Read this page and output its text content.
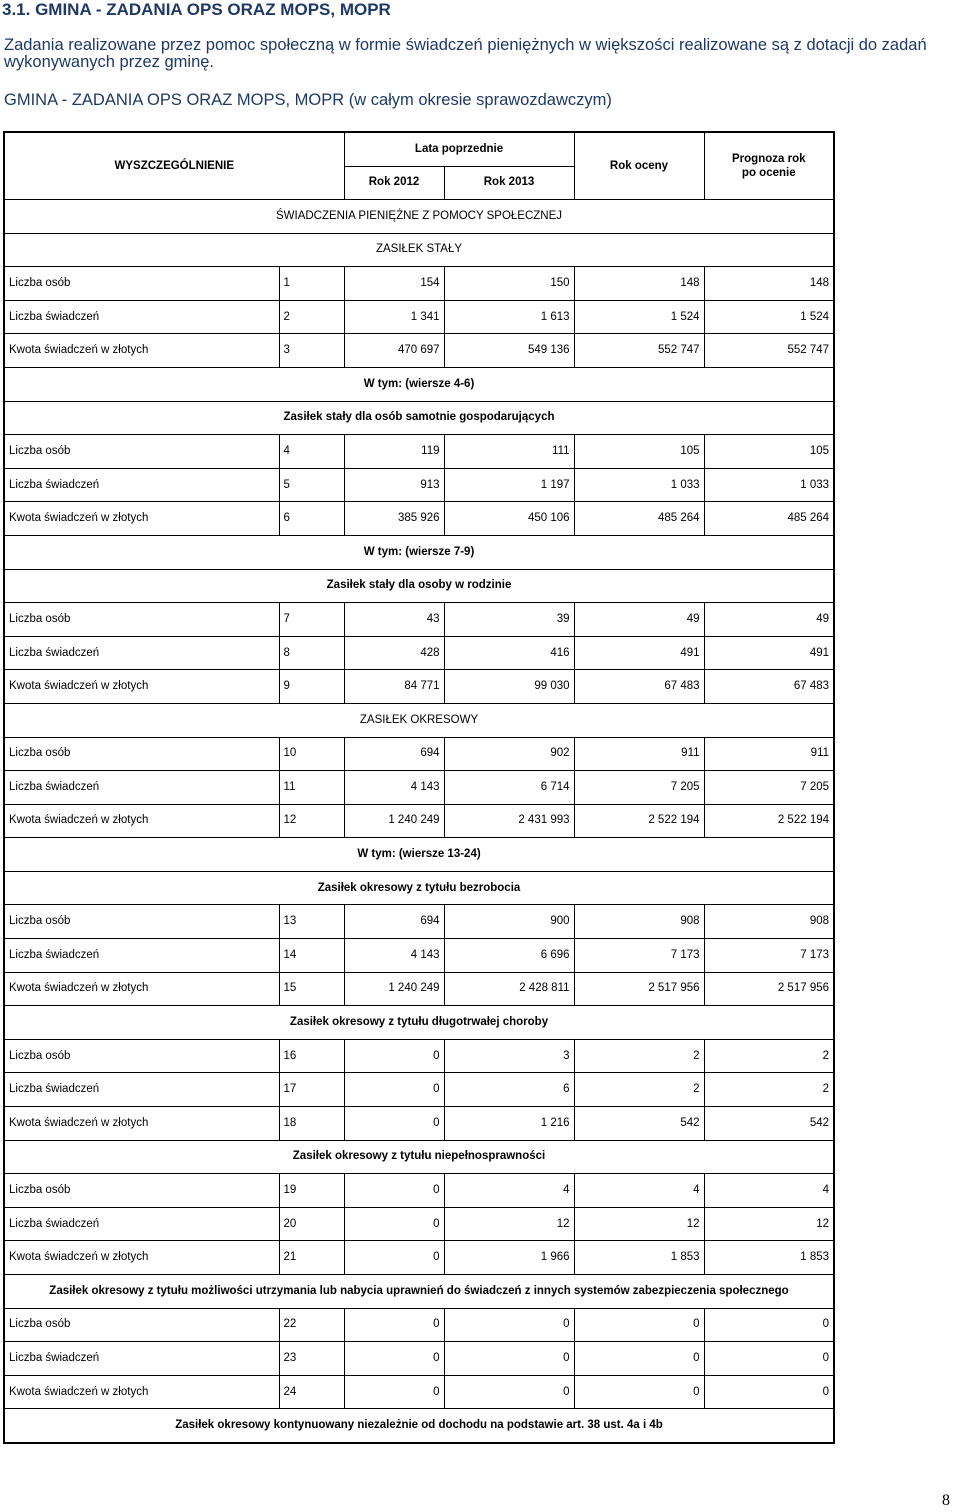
3.1. GMINA - ZADANIA OPS ORAZ MOPS, MOPR
Zadania realizowane przez pomoc społeczną w formie świadczeń pieniężnych w większości realizowane są z dotacji do zadań wykonywanych przez gminę.
GMINA - ZADANIA OPS ORAZ MOPS, MOPR (w całym okresie sprawozdawczym)
WYSZCZEGÓLNIENIE		Lata poprzednie		Rok oceny	Prognoza rok po ocenie
		Rok 2012	Rok 2013		
ŚWIADCZENIA PIENIĘŻNE Z POMOCY SPOŁECZNEJ					
ZASIŁEK STAŁY					
Liczba osób	1	154	150	148	148
Liczba świadczeń	2	1 341	1 613	1 524	1 524
Kwota świadczeń w złotych	3	470 697	549 136	552 747	552 747
W tym: (wiersze 4-6)					
Zasiłek stały dla osób samotnie gospodarujących					
Liczba osób	4	119	111	105	105
Liczba świadczeń	5	913	1 197	1 033	1 033
Kwota świadczeń w złotych	6	385 926	450 106	485 264	485 264
W tym: (wiersze 7-9)					
Zasiłek stały dla osoby w rodzinie					
Liczba osób	7	43	39	49	49
Liczba świadczeń	8	428	416	491	491
Kwota świadczeń w złotych	9	84 771	99 030	67 483	67 483
ZASIŁEK OKRESOWY					
Liczba osób	10	694	902	911	911
Liczba świadczeń	11	4 143	6 714	7 205	7 205
Kwota świadczeń w złotych	12	1 240 249	2 431 993	2 522 194	2 522 194
W tym: (wiersze 13-24)					
Zasiłek okresowy z tytułu bezrobocia					
Liczba osób	13	694	900	908	908
Liczba świadczeń	14	4 143	6 696	7 173	7 173
Kwota świadczeń w złotych	15	1 240 249	2 428 811	2 517 956	2 517 956
Zasiłek okresowy z tytułu długotrwałej choroby					
Liczba osób	16	0	3	2	2
Liczba świadczeń	17	0	6	2	2
Kwota świadczeń w złotych	18	0	1 216	542	542
Zasiłek okresowy z tytułu niepełnosprawności					
Liczba osób	19	0	4	4	4
Liczba świadczeń	20	0	12	12	12
Kwota świadczeń w złotych	21	0	1 966	1 853	1 853
Zasiłek okresowy z tytułu możliwości utrzymania lub nabycia uprawnień do świadczeń z innych systemów zabezpieczenia społecznego					
Liczba osób	22	0	0	0	0
Liczba świadczeń	23	0	0	0	0
Kwota świadczeń w złotych	24	0	0	0	0
Zasiłek okresowy kontynuowany niezależnie od dochodu na podstawie art. 38 ust. 4a i 4b					
8
